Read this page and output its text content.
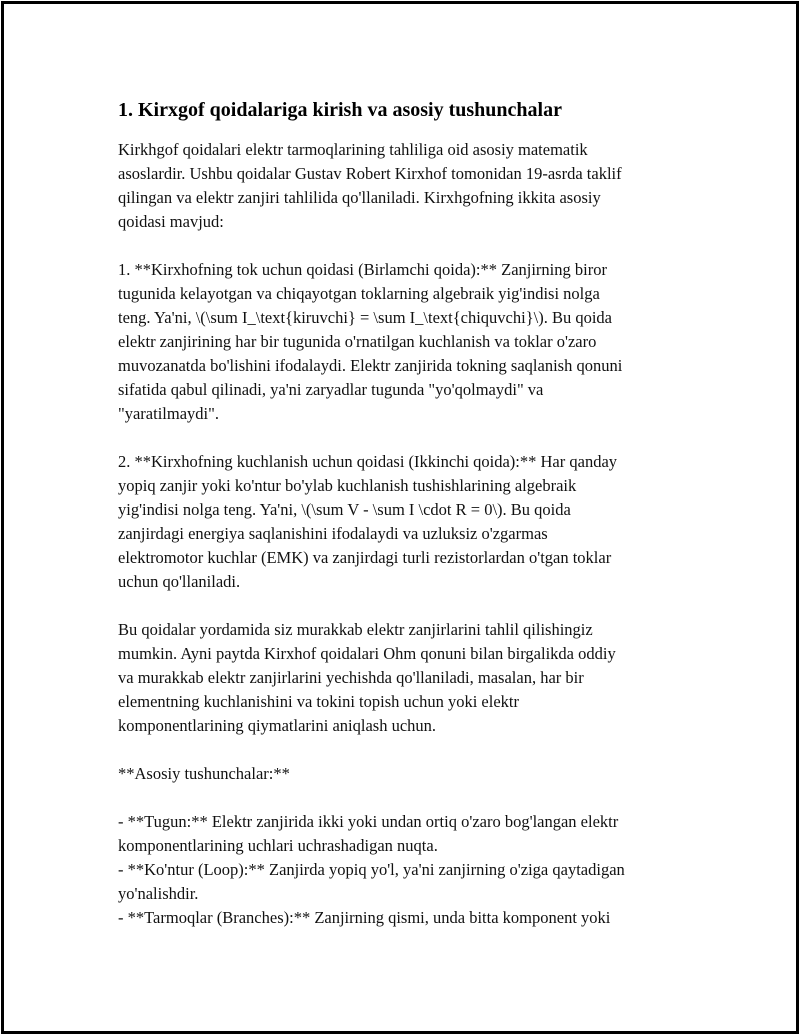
1. Kirxgof qoidalariga kirish va asosiy tushunchalar
Kirkhgof qoidalari elektr tarmoqlarining tahliliga oid asosiy matematik
asoslardir. Ushbu qoidalar Gustav Robert Kirxhof tomonidan 19-asrda taklif
qilingan va elektr zanjiri tahlilida qo'llaniladi. Kirxhgofning ikkita asosiy
qoidasi mavjud:
1. **Kirxhofning tok uchun qoidasi (Birlamchi qoida):** Zanjirning biror
tugunida kelayotgan va chiqayotgan toklarning algebraik yig'indisi nolga
teng. Ya'ni, \(\sum I_\text{kiruvchi} = \sum I_\text{chiquvchi}\). Bu qoida
elektr zanjirining har bir tugunida o'rnatilgan kuchlanish va toklar o'zaro
muvozanatda bo'lishini ifodalaydi. Elektr zanjirida tokning saqlanish qonuni
sifatida qabul qilinadi, ya'ni zaryadlar tugunda "yo'qolmaydi" va
"yaratilmaydi".
2. **Kirxhofning kuchlanish uchun qoidasi (Ikkinchi qoida):** Har qanday
yopiq zanjir yoki ko'ntur bo'ylab kuchlanish tushishlarining algebraik
yig'indisi nolga teng. Ya'ni, \(\sum V - \sum I \cdot R = 0\). Bu qoida
zanjirdagi energiya saqlanishini ifodalaydi va uzluksiz o'zgarmas
elektromotor kuchlar (EMK) va zanjirdagi turli rezistorlardan o'tgan toklar
uchun qo'llaniladi.
Bu qoidalar yordamida siz murakkab elektr zanjirlarini tahlil qilishingiz
mumkin. Ayni paytda Kirxhof qoidalari Ohm qonuni bilan birgalikda oddiy
va murakkab elektr zanjirlarini yechishda qo'llaniladi, masalan, har bir
elementning kuchlanishini va tokini topish uchun yoki elektr
komponentlarining qiymatlarini aniqlash uchun.
**Asosiy tushunchalar:**
- **Tugun:** Elektr zanjirida ikki yoki undan ortiq o'zaro bog'langan elektr
komponentlarining uchlari uchrashadigan nuqta.
- **Ko'ntur (Loop):** Zanjirda yopiq yo'l, ya'ni zanjirning o'ziga qaytadigan
yo'nalishdir.
- **Tarmoqlar (Branches):** Zanjirning qismi, unda bitta komponent yoki
